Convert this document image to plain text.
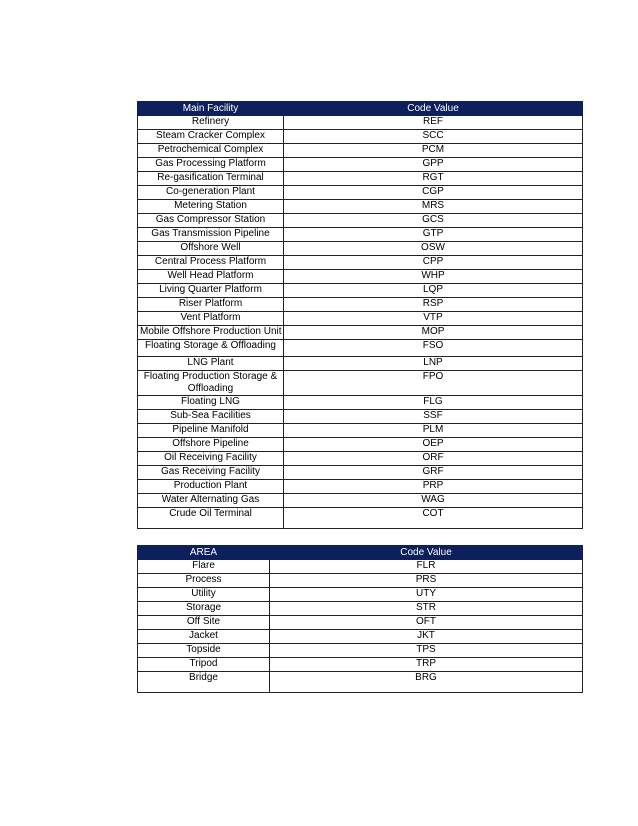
Main Facility	Code Value
Refinery	REF
Steam Cracker Complex	SCC
Petrochemical Complex	PCM
Gas Processing Platform	GPP
Re-gasification Terminal	RGT
Co-generation Plant	CGP
Metering Station	MRS
Gas Compressor Station	GCS
Gas Transmission Pipeline	GTP
Offshore Well	OSW
Central Process Platform	CPP
Well Head Platform	WHP
Living Quarter Platform	LQP
Riser Platform	RSP
Vent Platform	VTP
Mobile Offshore Production Unit	MOP
Floating Storage & Offloading	FSO
LNG Plant	LNP
Floating Production Storage & Offloading	FPO
Floating LNG	FLG
Sub-Sea Facilities	SSF
Pipeline Manifold	PLM
Offshore Pipeline	OEP
Oil Receiving Facility	ORF
Gas Receiving Facility	GRF
Production Plant	PRP
Water Alternating Gas	WAG
Crude Oil Terminal	COT
AREA	Code Value
Flare	FLR
Process	PRS
Utility	UTY
Storage	STR
Off Site	OFT
Jacket	JKT
Topside	TPS
Tripod	TRP
Bridge	BRG
